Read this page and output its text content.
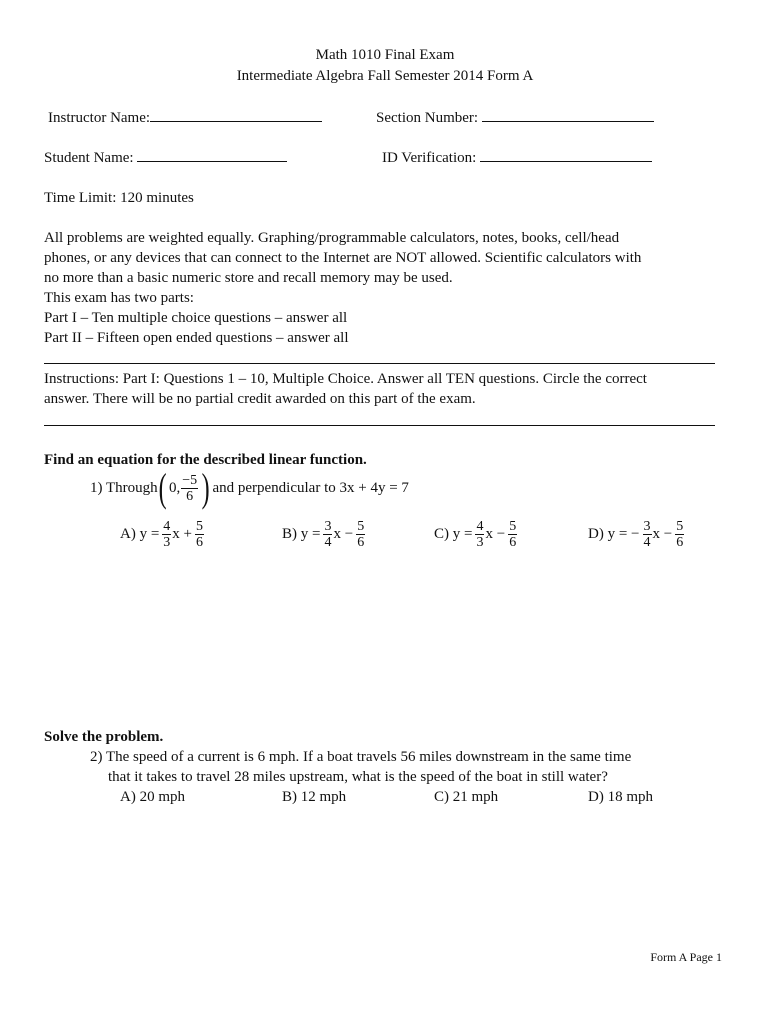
Math 1010 Final Exam
Intermediate Algebra Fall Semester 2014 Form A
Instructor Name:	Section Number:
Student Name:	ID Verification:
Time Limit: 120 minutes
All problems are weighted equally. Graphing/programmable calculators, notes, books, cell/head
phones, or any devices that can connect to the Internet are NOT allowed. Scientific calculators with
no more than a basic numeric store and recall memory may be used.
This exam has two parts:
Part I – Ten multiple choice questions – answer all
Part II – Fifteen open ended questions – answer all
Instructions: Part I: Questions 1 – 10, Multiple Choice. Answer all TEN questions. Circle the correct
answer. There will be no partial credit awarded on this part of the exam.
Find an equation for the described linear function.
1) Through ( 0, $\frac{-5}{6}$ ) and perpendicular to 3x + 4y = 7
A) $y = \frac{4}{3}$ $x + \frac{5}{6}$	B) $y = \frac{3}{4}$ $x - \frac{5}{6}$	C) $y = \frac{4}{3}$ $x - \frac{5}{6}$	D) y = − $\frac{3}{4}$ $x - \frac{5}{6}$
Solve the problem.
2) The speed of a current is 6 mph. If a boat travels 56 miles downstream in the same time
that it takes to travel 28 miles upstream, what is the speed of the boat in still water?
A) 20 mph	B) 12 mph	C) 21 mph	D) 18 mph
Form A Page 1
